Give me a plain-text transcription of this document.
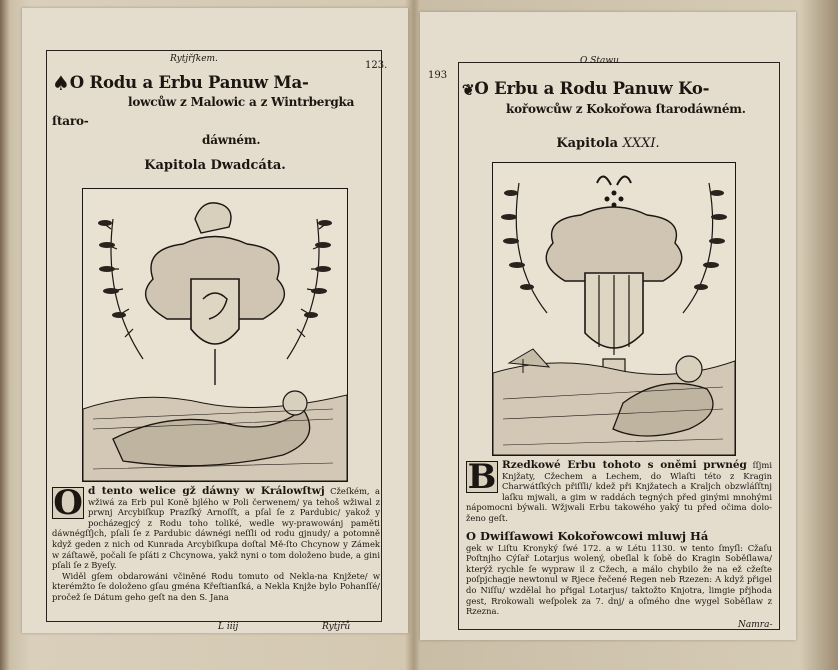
Rytjřſkem.
123.
♠O Rodu a Erbu Panuw Ma-
lowcůw z Malowic a z Wintrbergka ſtaro-
dáwném.
Kapitola Dwadcáta.

O d tento welice gž dáwny w Králowſtwj Cžeſkém, a wžiwá za Erb pul Koně bjlého w Poli čerwenem/ ya tehoš wžiwal z prwnj Arcybiſkup Prazſký Arnoſſt, a pſal ſe z Pardubic/ yakož y pocházegjcý z Rodu toho toliké, wedle wy-prawowánj paměti dáwnégſſjch, pſali ſe z Pardubic dáwnégi neſſli od rodu gjnudy/ a potomně když geden z nich od Kunrada Arcybiſkupa doſtal Mě-ſto Chcynow y Zámek w záſtawě, počali ſe pſáti z Chcynowa, yakž nyni o tom doloženo bude, a gini pſali ſe z Byeſy.

Widěl gſem obdarowáni včiněné Rodu tomuto od Nekla-na Knjžete/ w kterémžto ſe doloženo gſau gména Křeſtianſká, a Nekla Knjže bylo Pohanſſé/ pročež ſe Dátum geho geſt na den S. Jana

L iiij	Rytjřů
193
O Stawu
❦O Erbu a Rodu Panuw Ko-
kořowcůw z Kokořowa ſtarodáwném.
Kapitola XXXI.

B Rzedkowé Erbu tohoto s oněmi prwnég ſſjmi Knjžaty, Cžechem a Lechem, do Wlaſti této z Kragin Charwátſkých přiſſli/ kdež při Knjžatech a Kraljch obzwláſſtnj laſku mjwali, a gim w raddách tegných před ginými mnohými nápomocni býwali. Wžjwali Erbu takowého yaký tu před očima dolo-ženo geſt.

O Dwiſſawowi Kokořowcowi mluwj Há

gek w Liſtu Kronyký ſwé 172. a w Létu 1130. w tento ſmyſl: Cžaſu Poſtnjho Cýſař Lotarjus wolený, obeſlal k ſobě do Kragin Soběſlawa/ kterýž rychle ſe wypraw il z Cžech, a málo chybilo že na ež cžeſte poſpjchagje newtonul w Rjece řečené Regen neb Rzezen: A když přigel do Niſſu/ wzdělal ho přigal Lotarjus/ taktožto Knjotra, limgie přjhoda gest, Rrokowali weſpolek za 7. dnj/ a oſmého dne wygel Soběſlaw z Rzezna.

Namra-
